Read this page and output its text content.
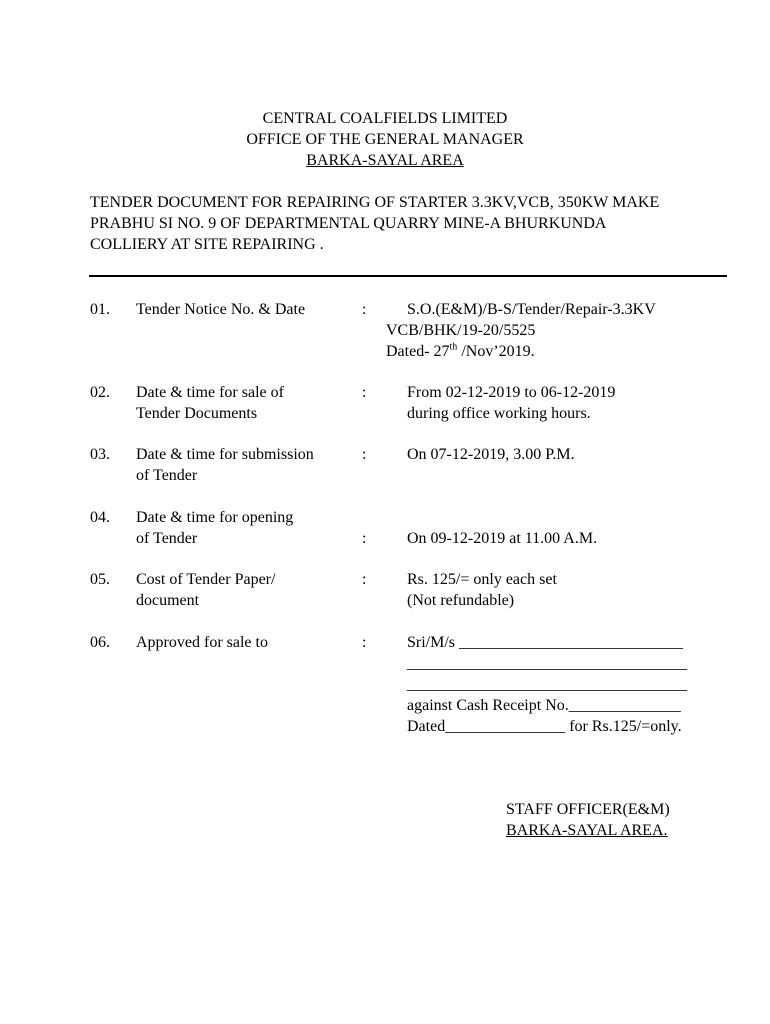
CENTRAL COALFIELDS LIMITED
OFFICE OF THE GENERAL MANAGER
BARKA-SAYAL AREA
TENDER DOCUMENT FOR REPAIRING OF STARTER 3.3KV,VCB, 350KW MAKE
PRABHU SI NO. 9 OF DEPARTMENTAL QUARRY MINE-A BHURKUNDA
COLLIERY AT SITE REPAIRING .
01. Tender Notice No. & Date	:	S.O.(E&M)/B-S/Tender/Repair-3.3KV
VCB/BHK/19-20/5525
Dated- 27th /Nov’2019.
02. Date & time for sale of
Tender Documents
:	From 02-12-2019 to 06-12-2019
during office working hours.
03. Date & time for submission
of Tender
:	On 07-12-2019, 3.00 P.M.
04. Date & time for opening
of Tender	:	On 09-12-2019 at 11.00 A.M.
05. Cost of Tender Paper/
document
:	Rs. 125/= only each set
(Not refundable)
06. Approved for sale to	:	Sri/M/s ____________________________
___________________________________
___________________________________
against Cash Receipt No.______________
Dated_______________ for Rs.125/=only.
STAFF OFFICER(E&M)
BARKA-SAYAL AREA.
